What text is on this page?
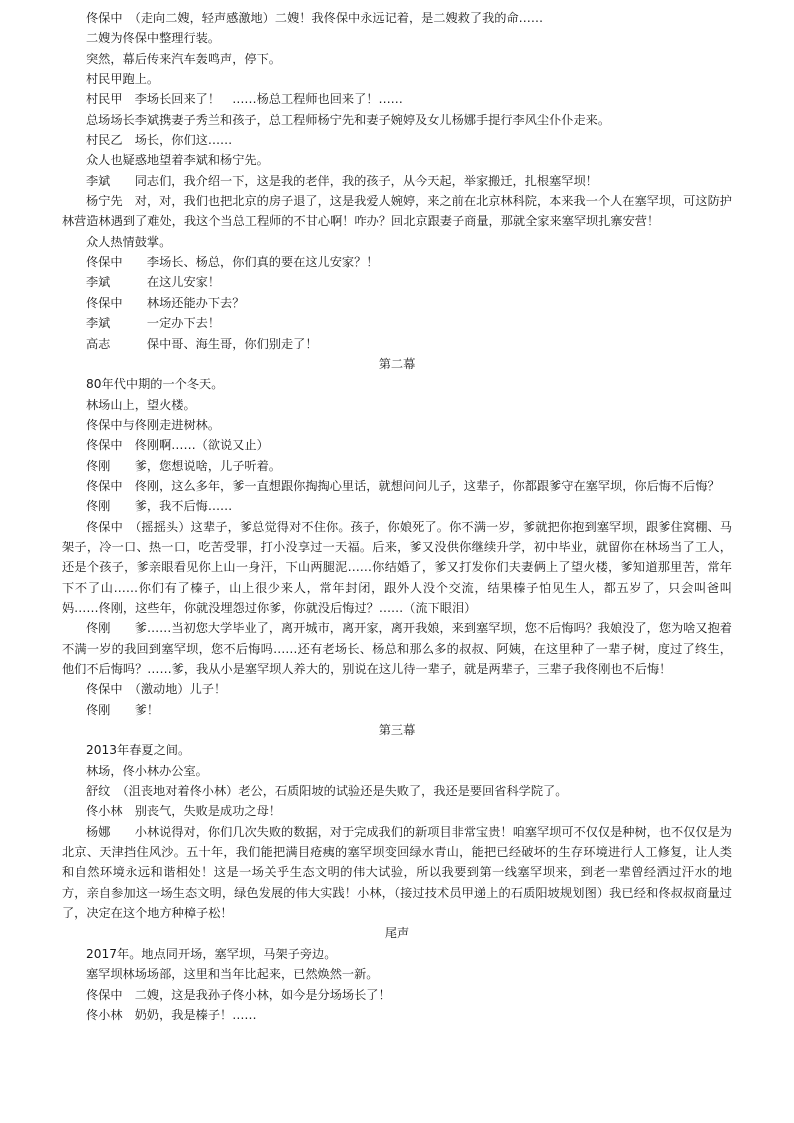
佟保中　（走向二嫂，轻声感激地）二嫂！我佟保中永远记着，是二嫂救了我的命……

二嫂为佟保中整理行装。

突然，幕后传来汽车轰鸣声，停下。

村民甲跑上。

村民甲　李场长回来了！　……杨总工程师也回来了！……

总场场长李斌携妻子秀兰和孩子，总工程师杨宁先和妻子婉婷及女儿杨娜手提行李风尘仆仆走来。

村民乙　场长，你们这……

众人也疑惑地望着李斌和杨宁先。

李斌　　同志们，我介绍一下，这是我的老伴，我的孩子，从今天起，举家搬迁，扎根塞罕坝！

杨宁先　对，对，我们也把北京的房子退了，这是我爱人婉婷，来之前在北京林科院，本来我一个人在塞罕坝，可这防护林营造林遇到了难处，我这个当总工程师的不甘心啊！咋办？回北京跟妻子商量，那就全家来塞罕坝扎寨安营！

众人热情鼓掌。

佟保中　　李场长、杨总，你们真的要在这儿安家？！

李斌　　　在这儿安家！

佟保中　　林场还能办下去？

李斌　　　一定办下去！

高志　　　保中哥、海生哥，你们别走了！

第二幕

80年代中期的一个冬天。

林场山上，望火楼。

佟保中与佟刚走进树林。

佟保中　佟刚啊……（欲说又止）

佟刚　　爹，您想说啥，儿子听着。

佟保中　佟刚，这么多年，爹一直想跟你掏掏心里话，就想问问儿子，这辈子，你都跟爹守在塞罕坝，你后悔不后悔？

佟刚　　爹，我不后悔……

佟保中　（摇摇头）这辈子，爹总觉得对不住你。孩子，你娘死了。你不满一岁，爹就把你抱到塞罕坝，跟爹住窝棚、马架子，冷一口、热一口，吃苦受罪，打小没享过一天福。后来，爹又没供你继续升学，初中毕业，就留你在林场当了工人，还是个孩子，爹亲眼看见你上山一身汗，下山两腿泥……你结婚了，爹又打发你们夫妻俩上了望火楼，爹知道那里苦，常年下不了山……你们有了榛子，山上很少来人，常年封闭，跟外人没个交流，结果榛子怕见生人，都五岁了，只会叫爸叫妈……佟刚，这些年，你就没埋怨过你爹，你就没后悔过？……（流下眼泪）

佟刚　　爹……当初您大学毕业了，离开城市，离开家，离开我娘，来到塞罕坝，您不后悔吗？我娘没了，您为啥又抱着不满一岁的我回到塞罕坝，您不后悔吗……还有老场长、杨总和那么多的叔叔、阿姨，在这里种了一辈子树，度过了终生，他们不后悔吗？……爹，我从小是塞罕坝人养大的，别说在这儿待一辈子，就是两辈子，三辈子我佟刚也不后悔！

佟保中　（激动地）儿子！

佟刚　　爹！

第三幕

2013年春夏之间。

林场，佟小林办公室。

舒纹　（沮丧地对着佟小林）老公，石质阳坡的试验还是失败了，我还是要回省科学院了。

佟小林　别丧气，失败是成功之母！

杨娜　　小林说得对，你们几次失败的数据，对于完成我们的新项目非常宝贵！咱塞罕坝可不仅仅是种树，也不仅仅是为北京、天津挡住风沙。五十年，我们能把满目疮痍的塞罕坝变回绿水青山，能把已经破坏的生存环境进行人工修复，让人类和自然环境永远和谐相处！这是一场关乎生态文明的伟大试验，所以我要到第一线塞罕坝来，到老一辈曾经洒过汗水的地方，亲自参加这一场生态文明，绿色发展的伟大实践！小林，（接过技术员甲递上的石质阳坡规划图）我已经和佟叔叔商量过了，决定在这个地方种樟子松！

尾声

2017年。地点同开场，塞罕坝，马架子旁边。

塞罕坝林场场部，这里和当年比起来，已然焕然一新。

佟保中　二嫂，这是我孙子佟小林，如今是分场场长了！

佟小林　奶奶，我是榛子！……
